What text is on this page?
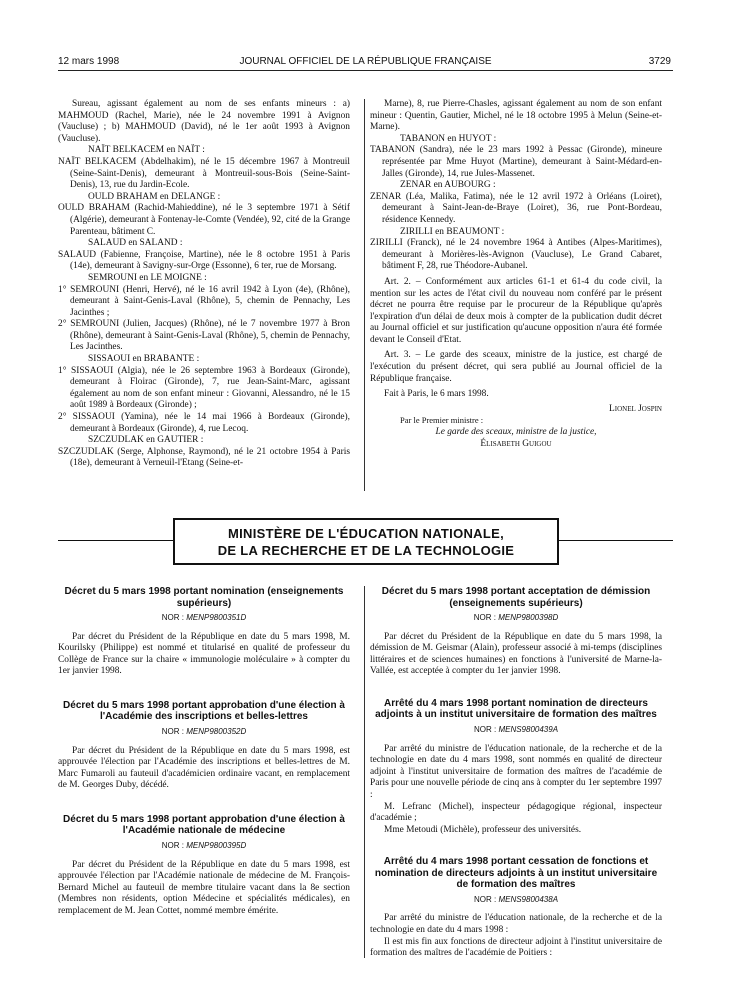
12 mars 1998	JOURNAL OFFICIEL DE LA RÉPUBLIQUE FRANÇAISE	3729

Sureau, agissant également au nom de ses enfants mineurs : a) MAHMOUD (Rachel, Marie), née le 24 novembre 1991 à Avignon (Vaucluse) ; b) MAHMOUD (David), né le 1er août 1993 à Avignon (Vaucluse).

NAÏT BELKACEM en NAÏT :

NAÏT BELKACEM (Abdelhakim), né le 15 décembre 1967 à Montreuil (Seine-Saint-Denis), demeurant à Montreuil-sous-Bois (Seine-Saint-Denis), 13, rue du Jardin-Ecole.

OULD BRAHAM en DELANGE :

OULD BRAHAM (Rachid-Mahieddine), né le 3 septembre 1971 à Sétif (Algérie), demeurant à Fontenay-le-Comte (Vendée), 92, cité de la Grange Parenteau, bâtiment C.

SALAUD en SALAND :

SALAUD (Fabienne, Françoise, Martine), née le 8 octobre 1951 à Paris (14e), demeurant à Savigny-sur-Orge (Essonne), 6 ter, rue de Morsang.

SEMROUNI en LE MOIGNE :

1° SEMROUNI (Henri, Hervé), né le 16 avril 1942 à Lyon (4e), (Rhône), demeurant à Saint-Genis-Laval (Rhône), 5, chemin de Pennachy, Les Jacinthes ;

2° SEMROUNI (Julien, Jacques) (Rhône), né le 7 novembre 1977 à Bron (Rhône), demeurant à Saint-Genis-Laval (Rhône), 5, chemin de Pennachy, Les Jacinthes.

SISSAOUI en BRABANTE :

1° SISSAOUI (Algia), née le 26 septembre 1963 à Bordeaux (Gironde), demeurant à Floirac (Gironde), 7, rue Jean-Saint-Marc, agissant également au nom de son enfant mineur : Giovanni, Alessandro, né le 15 août 1989 à Bordeaux (Gironde) ;

2° SISSAOUI (Yamina), née le 14 mai 1966 à Bordeaux (Gironde), demeurant à Bordeaux (Gironde), 4, rue Lecoq.

SZCZUDLAK en GAUTIER :

SZCZUDLAK (Serge, Alphonse, Raymond), né le 21 octobre 1954 à Paris (18e), demeurant à Verneuil-l'Etang (Seine-et-

Marne), 8, rue Pierre-Chasles, agissant également au nom de son enfant mineur : Quentin, Gautier, Michel, né le 18 octobre 1995 à Melun (Seine-et-Marne).

TABANON en HUYOT :

TABANON (Sandra), née le 23 mars 1992 à Pessac (Gironde), mineure représentée par Mme Huyot (Martine), demeurant à Saint-Médard-en-Jalles (Gironde), 14, rue Jules-Massenet.

ZENAR en AUBOURG :

ZENAR (Léa, Malika, Fatima), née le 12 avril 1972 à Orléans (Loiret), demeurant à Saint-Jean-de-Braye (Loiret), 36, rue Pont-Bordeau, résidence Kennedy.

ZIRILLI en BEAUMONT :

ZIRILLI (Franck), né le 24 novembre 1964 à Antibes (Alpes-Maritimes), demeurant à Morières-lès-Avignon (Vaucluse), Le Grand Cabaret, bâtiment F, 28, rue Théodore-Aubanel.

Art. 2. – Conformément aux articles 61-1 et 61-4 du code civil, la mention sur les actes de l'état civil du nouveau nom conféré par le présent décret ne pourra être requise par le procureur de la République qu'après l'expiration d'un délai de deux mois à compter de la publication dudit décret au Journal officiel et sur justification qu'aucune opposition n'aura été formée devant le Conseil d'Etat.

Art. 3. – Le garde des sceaux, ministre de la justice, est chargé de l'exécution du présent décret, qui sera publié au Journal officiel de la République française.

Fait à Paris, le 6 mars 1998.

Lionel Jospin

Par le Premier ministre :

Le garde des sceaux, ministre de la justice,

Élisabeth Guigou

MINISTÈRE DE L'ÉDUCATION NATIONALE,
DE LA RECHERCHE ET DE LA TECHNOLOGIE

Décret du 5 mars 1998 portant nomination (enseignements supérieurs)

NOR : MENP9800351D

Par décret du Président de la République en date du 5 mars 1998, M. Kourilsky (Philippe) est nommé et titularisé en qualité de professeur du Collège de France sur la chaire « immunologie moléculaire » à compter du 1er janvier 1998.

Décret du 5 mars 1998 portant approbation d'une élection à l'Académie des inscriptions et belles-lettres

NOR : MENP9800352D

Par décret du Président de la République en date du 5 mars 1998, est approuvée l'élection par l'Académie des inscriptions et belles-lettres de M. Marc Fumaroli au fauteuil d'académicien ordinaire vacant, en remplacement de M. Georges Duby, décédé.

Décret du 5 mars 1998 portant approbation d'une élection à l'Académie nationale de médecine

NOR : MENP9800395D

Par décret du Président de la République en date du 5 mars 1998, est approuvée l'élection par l'Académie nationale de médecine de M. François-Bernard Michel au fauteuil de membre titulaire vacant dans la 8e section (Membres non résidents, option Médecine et spécialités médicales), en remplacement de M. Jean Cottet, nommé membre émérite.

Décret du 5 mars 1998 portant acceptation de démission (enseignements supérieurs)

NOR : MENP9800398D

Par décret du Président de la République en date du 5 mars 1998, la démission de M. Geismar (Alain), professeur associé à mi-temps (disciplines littéraires et de sciences humaines) en fonctions à l'université de Marne-la-Vallée, est acceptée à compter du 1er janvier 1998.

Arrêté du 4 mars 1998 portant nomination de directeurs adjoints à un institut universitaire de formation des maîtres

NOR : MENS9800439A

Par arrêté du ministre de l'éducation nationale, de la recherche et de la technologie en date du 4 mars 1998, sont nommés en qualité de directeur adjoint à l'institut universitaire de formation des maîtres de l'académie de Paris pour une nouvelle période de cinq ans à compter du 1er septembre 1997 :

M. Lefranc (Michel), inspecteur pédagogique régional, inspecteur d'académie ;

Mme Metoudi (Michèle), professeur des universités.

Arrêté du 4 mars 1998 portant cessation de fonctions et nomination de directeurs adjoints à un institut universitaire de formation des maîtres

NOR : MENS9800438A

Par arrêté du ministre de l'éducation nationale, de la recherche et de la technologie en date du 4 mars 1998 :

Il est mis fin aux fonctions de directeur adjoint à l'institut universitaire de formation des maîtres de l'académie de Poitiers :
